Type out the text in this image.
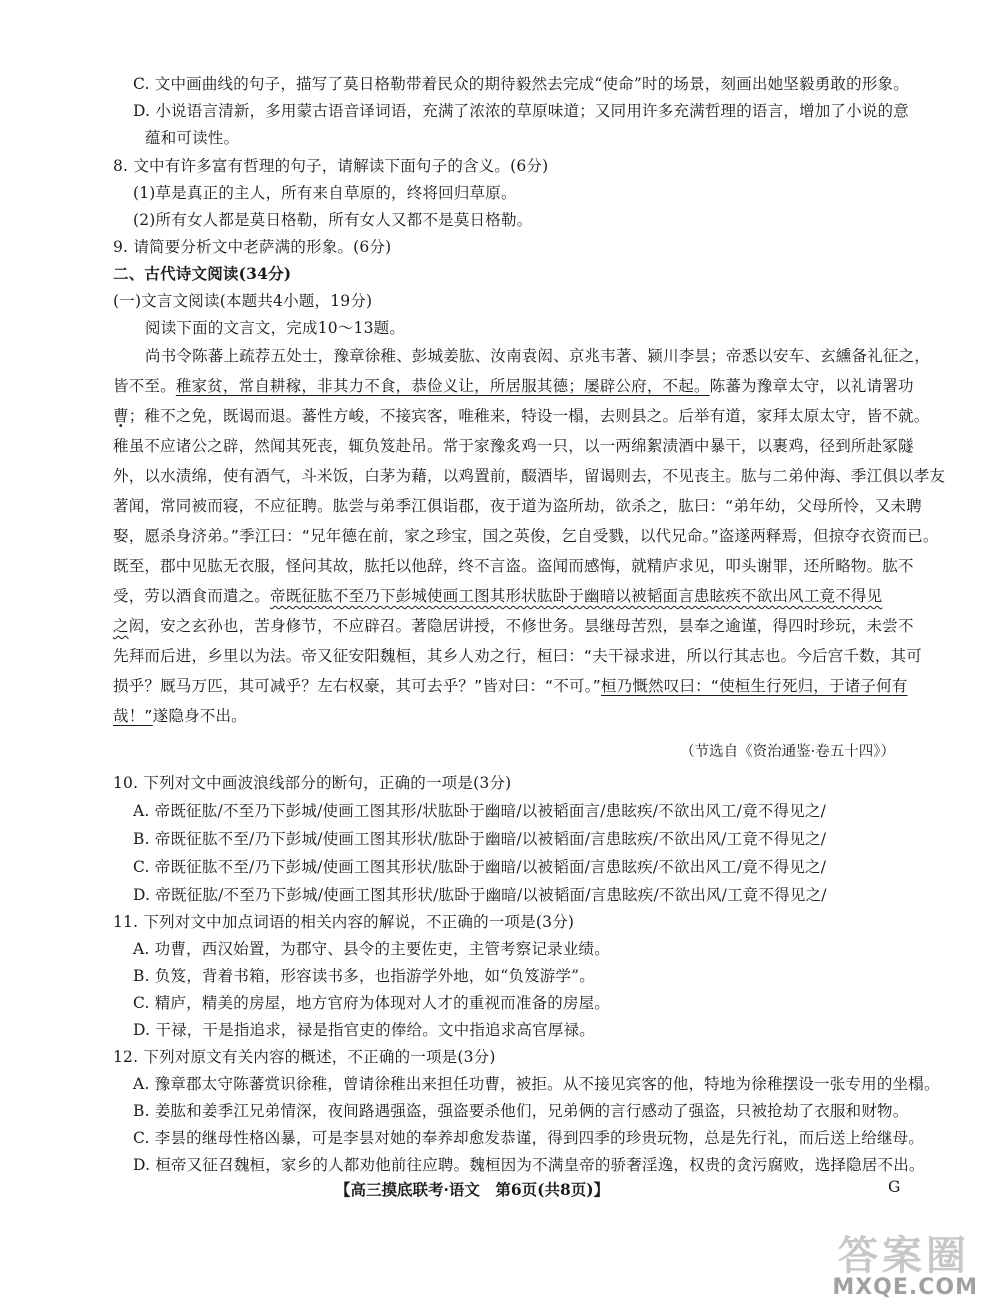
C. 文中画曲线的句子，描写了莫日格勒带着民众的期待毅然去完成“使命”时的场景，刻画出她坚毅勇敢的形象。
D. 小说语言清新，多用蒙古语音译词语，充满了浓浓的草原味道；又同用许多充满哲理的语言，增加了小说的意
蕴和可读性。
8. 文中有许多富有哲理的句子，请解读下面句子的含义。(6分)
(1)草是真正的主人，所有来自草原的，终将回归草原。
(2)所有女人都是莫日格勒，所有女人又都不是莫日格勒。
9. 请简要分析文中老萨满的形象。(6分)
二、古代诗文阅读(34分)
(一)文言文阅读(本题共4小题，19分)
阅读下面的文言文，完成10～13题。
尚书令陈蕃上疏荐五处士，豫章徐稚、彭城姜肱、汝南袁闳、京兆韦著、颍川李昙；帝悉以安车、玄纁备礼征之，
皆不至。稚家贫，常自耕稼，非其力不食，恭俭义让，所居服其德；屡辟公府，不起。陈蕃为豫章太守，以礼请署功
曹；稚不之免，既谒而退。蕃性方峻，不接宾客，唯稚来，特设一榻，去则县之。后举有道，家拜太原太守，皆不就。
稚虽不应诸公之辟，然闻其死丧，辄负笈赴吊。常于家豫炙鸡一只，以一两绵絮渍酒中暴干，以裹鸡，径到所赴冢隧
外，以水渍绵，使有酒气，斗米饭，白茅为藉，以鸡置前，醊酒毕，留谒则去，不见丧主。肱与二弟仲海、季江俱以孝友
著闻，常同被而寝，不应征聘。肱尝与弟季江俱诣郡，夜于道为盗所劫，欲杀之，肱曰：“弟年幼，父母所怜，又未聘
娶，愿杀身济弟。”季江曰：“兄年德在前，家之珍宝，国之英俊，乞自受戮，以代兄命。”盗遂两释焉，但掠夺衣资而已。
既至，郡中见肱无衣服，怪问其故，肱托以他辞，终不言盗。盗闻而感悔，就精庐求见，叩头谢罪，还所略物。肱不
受，劳以酒食而遣之。帝既征肱不至乃下彭城使画工图其形状肱卧于幽暗以被韬面言患眩疾不欲出风工竟不得见
之闳，安之玄孙也，苦身修节，不应辟召。著隐居讲授，不修世务。昙继母苦烈，昙奉之逾谨，得四时珍玩，未尝不
先拜而后进，乡里以为法。帝又征安阳魏桓，其乡人劝之行，桓曰：“夫干禄求进，所以行其志也。今后宫千数，其可
损乎？厩马万匹，其可减乎？左右权豪，其可去乎？”皆对曰：“不可。”桓乃慨然叹曰：“使桓生行死归，于诸子何有
哉！”遂隐身不出。
（节选自《资治通鉴·卷五十四》）
10. 下列对文中画波浪线部分的断句，正确的一项是(3分)
A. 帝既征肱/不至乃下彭城/使画工图其形/状肱卧于幽暗/以被韬面言/患眩疾/不欲出风工/竟不得见之/
B. 帝既征肱不至/乃下彭城/使画工图其形状/肱卧于幽暗/以被韬面/言患眩疾/不欲出风/工竟不得见之/
C. 帝既征肱不至/乃下彭城/使画工图其形状/肱卧于幽暗/以被韬面/言患眩疾/不欲出风工/竟不得见之/
D. 帝既征肱/不至乃下彭城/使画工图其形状/肱卧于幽暗/以被韬面/言患眩疾/不欲出风/工竟不得见之/
11. 下列对文中加点词语的相关内容的解说，不正确的一项是(3分)
A. 功曹，西汉始置，为郡守、县令的主要佐吏，主管考察记录业绩。
B. 负笈，背着书箱，形容读书多，也指游学外地，如“负笈游学”。
C. 精庐，精美的房屋，地方官府为体现对人才的重视而准备的房屋。
D. 干禄，干是指追求，禄是指官吏的俸给。文中指追求高官厚禄。
12. 下列对原文有关内容的概述，不正确的一项是(3分)
A. 豫章郡太守陈蕃赏识徐稚，曾请徐稚出来担任功曹，被拒。从不接见宾客的他，特地为徐稚摆设一张专用的坐榻。
B. 姜肱和姜季江兄弟情深，夜间路遇强盗，强盗要杀他们，兄弟俩的言行感动了强盗，只被抢劫了衣服和财物。
C. 李昙的继母性格凶暴，可是李昙对她的奉养却愈发恭谨，得到四季的珍贵玩物，总是先行礼，而后送上给继母。
D. 桓帝又征召魏桓，家乡的人都劝他前往应聘。魏桓因为不满皇帝的骄奢淫逸，权贵的贪污腐败，选择隐居不出。
【高三摸底联考·语文　第6页(共8页)】	G
答案圈
MXQE.COM
